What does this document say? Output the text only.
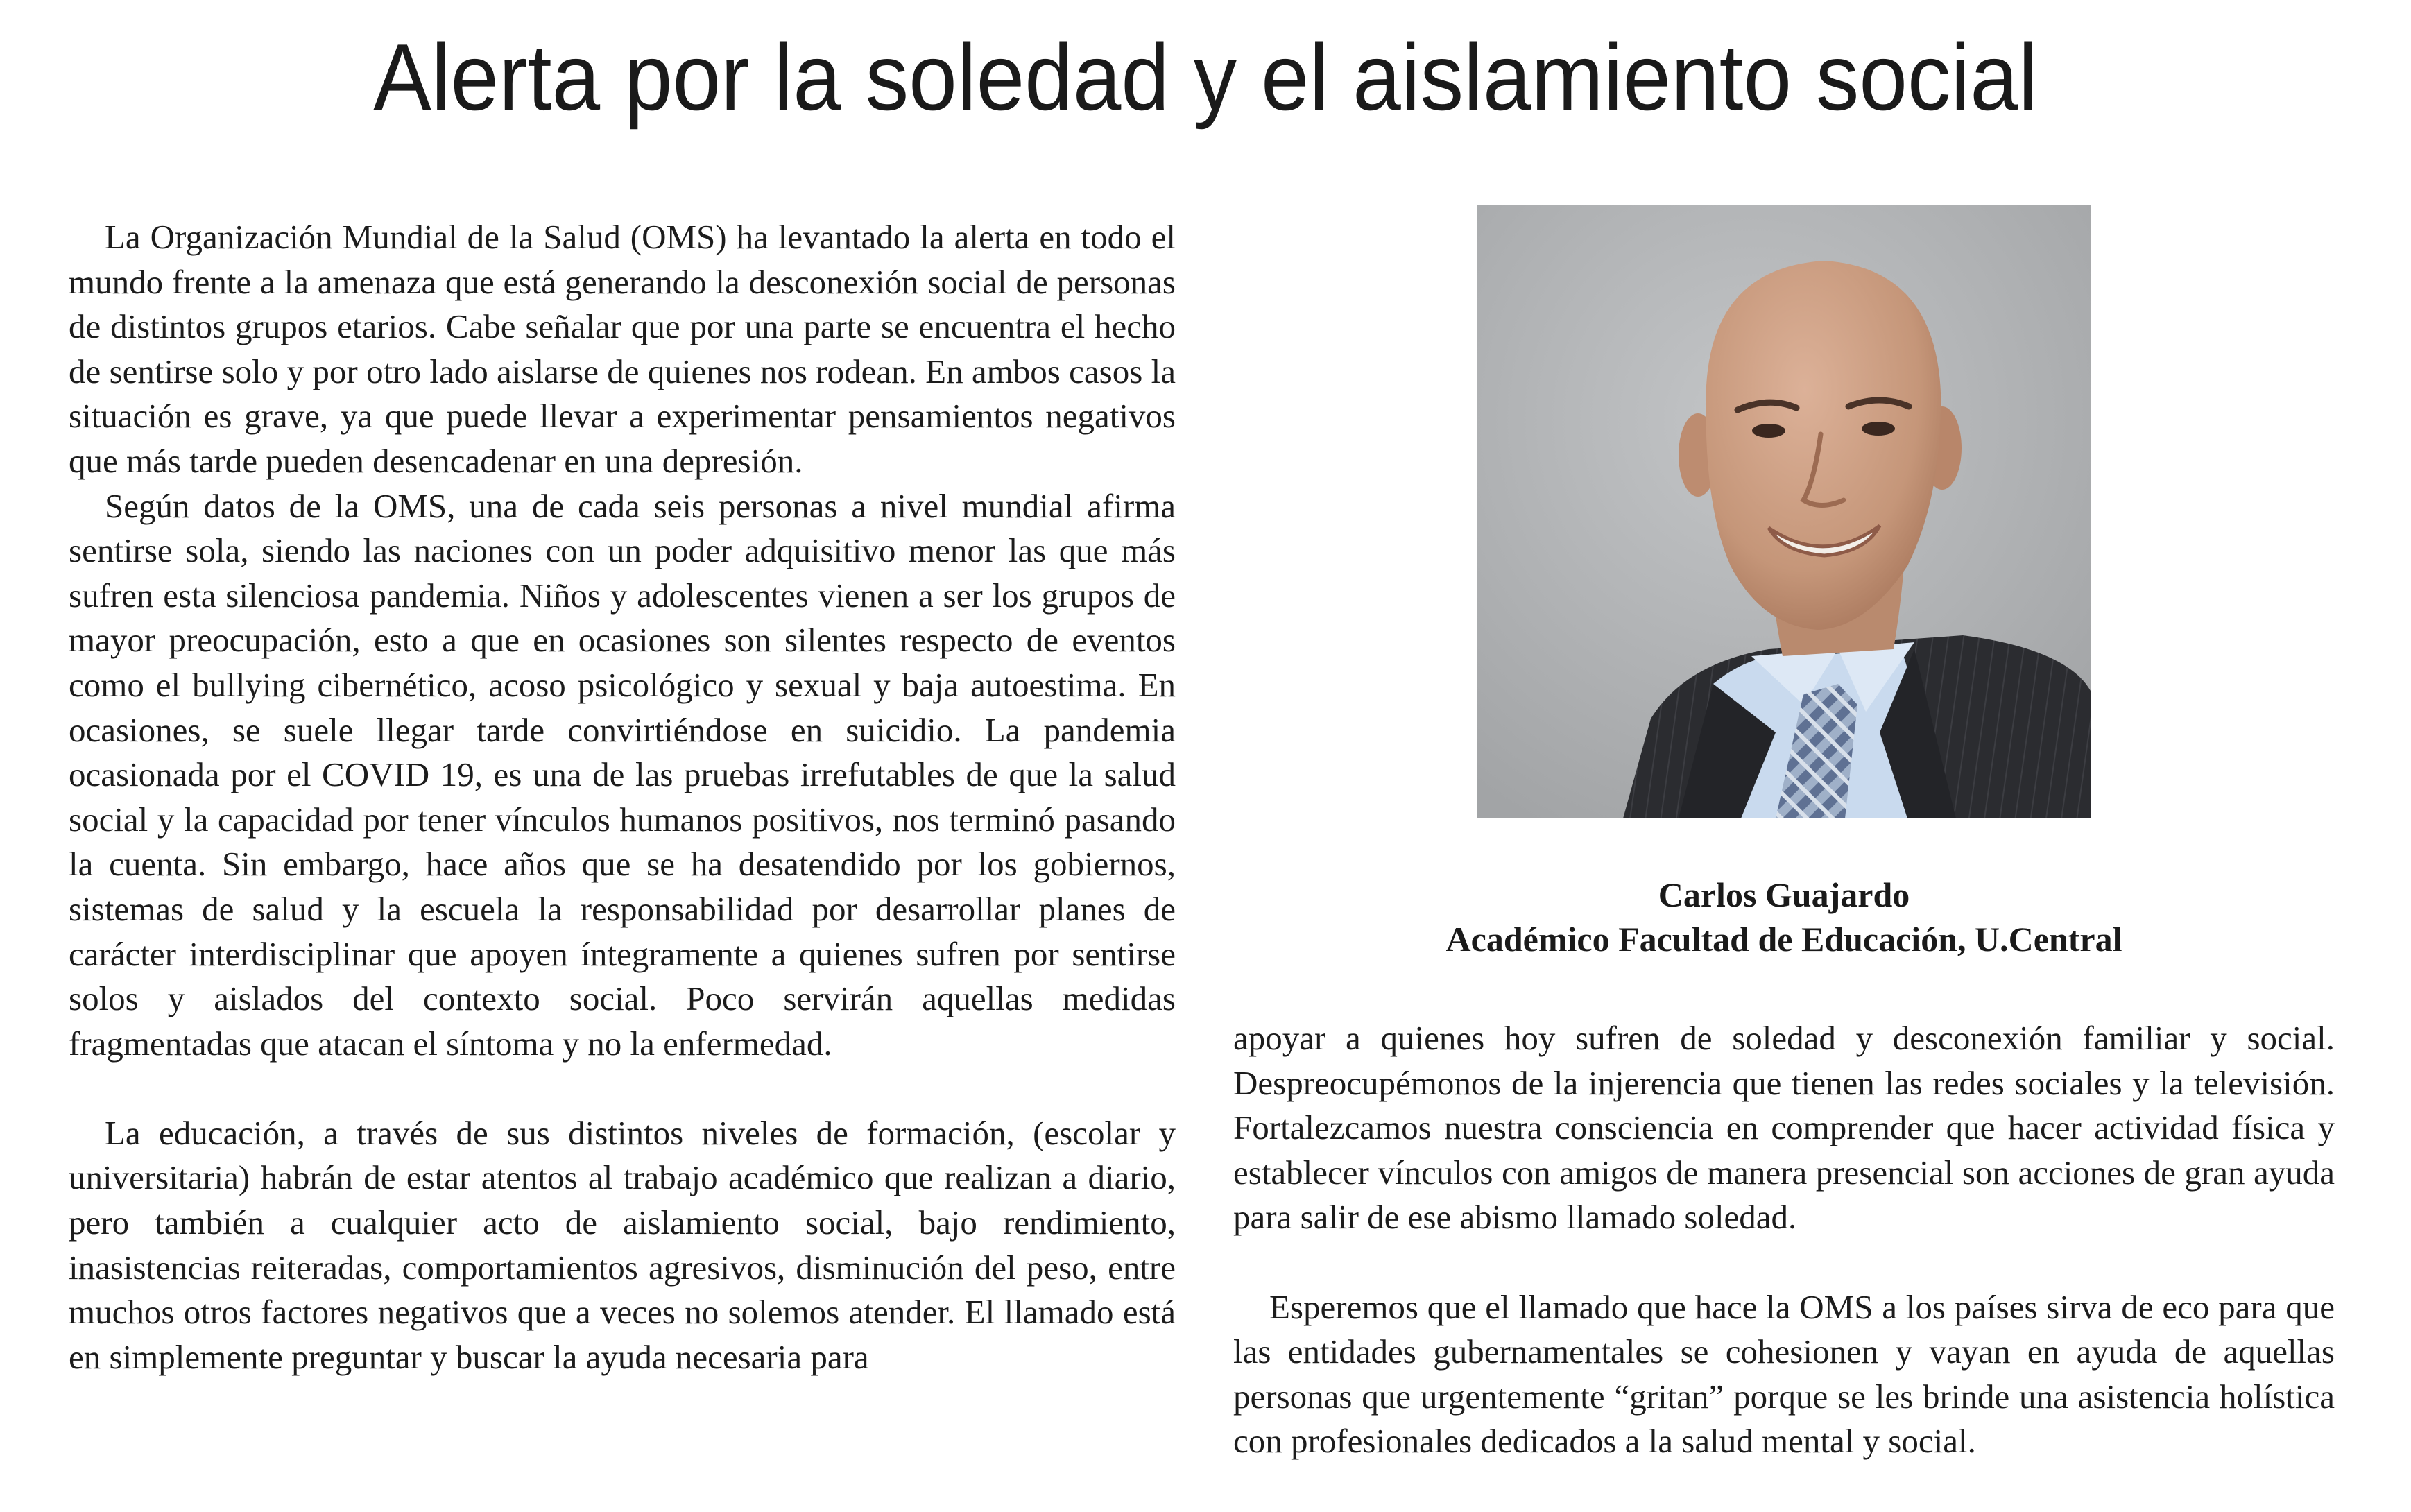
Alerta por la soledad y el aislamiento social

La Organización Mundial de la Salud (OMS) ha levantado la alerta en todo el mundo frente a la amenaza que está generando la desconexión social de personas de distintos grupos etarios. Cabe señalar que por una parte se encuentra el hecho de sentirse solo y por otro lado aislarse de quienes nos rodean. En ambos casos la situación es grave, ya que puede llevar a experimentar pensamientos negativos que más tarde pueden desencadenar en una depresión.

Según datos de la OMS, una de cada seis personas a nivel mundial afirma sentirse sola, siendo las naciones con un poder adquisitivo menor las que más sufren esta silenciosa pandemia. Niños y adolescentes vienen a ser los grupos de mayor preocupación, esto a que en ocasiones son silentes respecto de eventos como el bullying cibernético, acoso psicológico y sexual y baja autoestima. En ocasiones, se suele llegar tarde convirtiéndose en suicidio. La pandemia ocasionada por el COVID 19, es una de las pruebas irrefutables de que la salud social y la capacidad por tener vínculos humanos positivos, nos terminó pasando la cuenta. Sin embargo, hace años que se ha desatendido por los gobiernos, sistemas de salud y la escuela la responsabilidad por desarrollar planes de carácter interdisciplinar que apoyen íntegramente a quienes sufren por sentirse solos y aislados del contexto social. Poco servirán aquellas medidas fragmentadas que atacan el síntoma y no la enfermedad.

La educación, a través de sus distintos niveles de formación, (escolar y universitaria) habrán de estar atentos al trabajo académico que realizan a diario, pero también a cualquier acto de aislamiento social, bajo rendimiento, inasistencias reiteradas, comportamientos agresivos, disminución del peso, entre muchos otros factores negativos que a veces no solemos atender. El llamado está en simplemente preguntar y buscar la ayuda necesaria para

Carlos Guajardo
Académico Facultad de Educación, U.Central

apoyar a quienes hoy sufren de soledad y desconexión familiar y social. Despreocupémonos de la injerencia que tienen las redes sociales y la televisión. Fortalezcamos nuestra consciencia en comprender que hacer actividad física y establecer vínculos con amigos de manera presencial son acciones de gran ayuda para salir de ese abismo llamado soledad.

Esperemos que el llamado que hace la OMS a los países sirva de eco para que las entidades gubernamentales se cohesionen y vayan en ayuda de aquellas personas que urgentemente “gritan” porque se les brinde una asistencia holística con profesionales dedicados a la salud mental y social.
